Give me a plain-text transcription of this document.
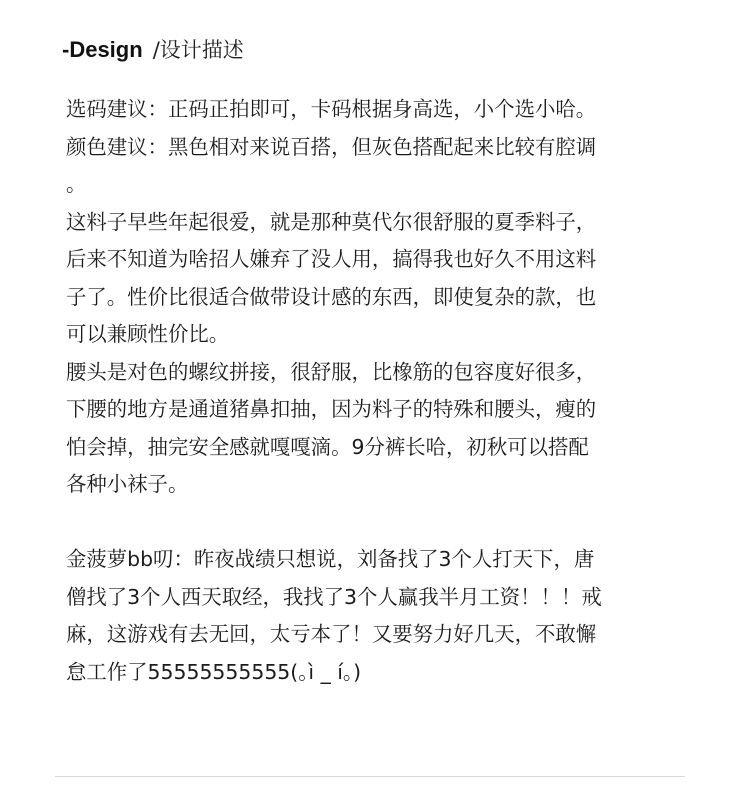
-Design /设计描述

选码建议：正码正拍即可，卡码根据身高选，小个选小哈。

颜色建议：黑色相对来说百搭，但灰色搭配起来比较有腔调

。

这料子早些年起很爱，就是那种莫代尔很舒服的夏季料子，

后来不知道为啥招人嫌弃了没人用，搞得我也好久不用这料

子了。性价比很适合做带设计感的东西，即使复杂的款，也

可以兼顾性价比。

腰头是对色的螺纹拼接，很舒服，比橡筋的包容度好很多，

下腰的地方是通道猪鼻扣抽，因为料子的特殊和腰头，瘦的

怕会掉，抽完安全感就嘎嘎滴。9分裤长哈，初秋可以搭配

各种小袜子。

金菠萝bb叨：昨夜战绩只想说，刘备找了3个人打天下，唐

僧找了3个人西天取经，我找了3个人赢我半月工资！！！戒

麻，这游戏有去无回，太亏本了！又要努力好几天，不敢懈

怠工作了55555555555(｡ì _ í｡)
